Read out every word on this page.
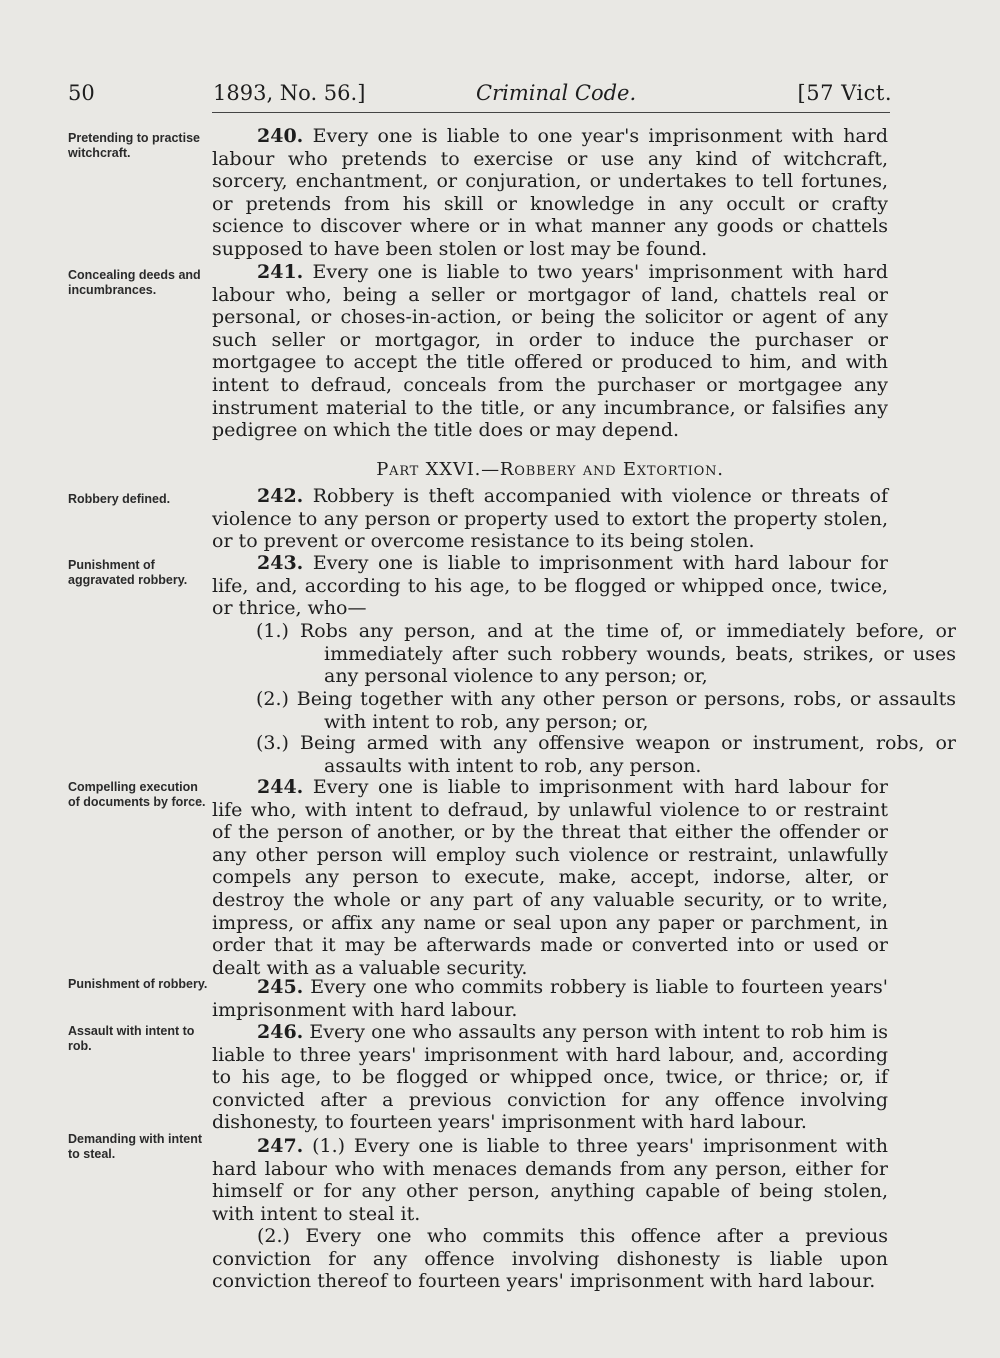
50	1893, No. 56.]	Criminal Code.	[57 Vict.
Pretending to practise witchcraft.
240. Every one is liable to one year's imprisonment with hard labour who pretends to exercise or use any kind of witchcraft, sorcery, enchantment, or conjuration, or undertakes to tell fortunes, or pretends from his skill or knowledge in any occult or crafty science to discover where or in what manner any goods or chattels supposed to have been stolen or lost may be found.
Concealing deeds and incumbrances.
241. Every one is liable to two years' imprisonment with hard labour who, being a seller or mortgagor of land, chattels real or personal, or choses-in-action, or being the solicitor or agent of any such seller or mortgagor, in order to induce the purchaser or mortgagee to accept the title offered or produced to him, and with intent to defraud, conceals from the purchaser or mortgagee any instrument material to the title, or any incumbrance, or falsifies any pedigree on which the title does or may depend.
Part XXVI.—Robbery and Extortion.
Robbery defined.	242. Robbery is theft accompanied with violence or threats of violence to any person or property used to extort the property stolen, or to prevent or overcome resistance to its being stolen.
Punishment of aggravated robbery.
243. Every one is liable to imprisonment with hard labour for life, and, according to his age, to be flogged or whipped once, twice, or thrice, who—
(1.) Robs any person, and at the time of, or immediately before, or immediately after such robbery wounds, beats, strikes, or uses any personal violence to any person; or,
(2.) Being together with any other person or persons, robs, or assaults with intent to rob, any person; or,
(3.) Being armed with any offensive weapon or instrument, robs, or assaults with intent to rob, any person.
Compelling execution of documents by force.
244. Every one is liable to imprisonment with hard labour for life who, with intent to defraud, by unlawful violence to or restraint of the person of another, or by the threat that either the offender or any other person will employ such violence or restraint, unlawfully compels any person to execute, make, accept, indorse, alter, or destroy the whole or any part of any valuable security, or to write, impress, or affix any name or seal upon any paper or parchment, in order that it may be afterwards made or converted into or used or dealt with as a valuable security.
Punishment of robbery.	245. Every one who commits robbery is liable to fourteen years' imprisonment with hard labour.
Assault with intent to rob.
246. Every one who assaults any person with intent to rob him is liable to three years' imprisonment with hard labour, and, according to his age, to be flogged or whipped once, twice, or thrice; or, if convicted after a previous conviction for any offence involving dishonesty, to fourteen years' imprisonment with hard labour.
Demanding with intent to steal.	247. (1.) Every one is liable to three years' imprisonment with hard labour who with menaces demands from any person, either for himself or for any other person, anything capable of being stolen, with intent to steal it.
(2.) Every one who commits this offence after a previous conviction for any offence involving dishonesty is liable upon conviction thereof to fourteen years' imprisonment with hard labour.
